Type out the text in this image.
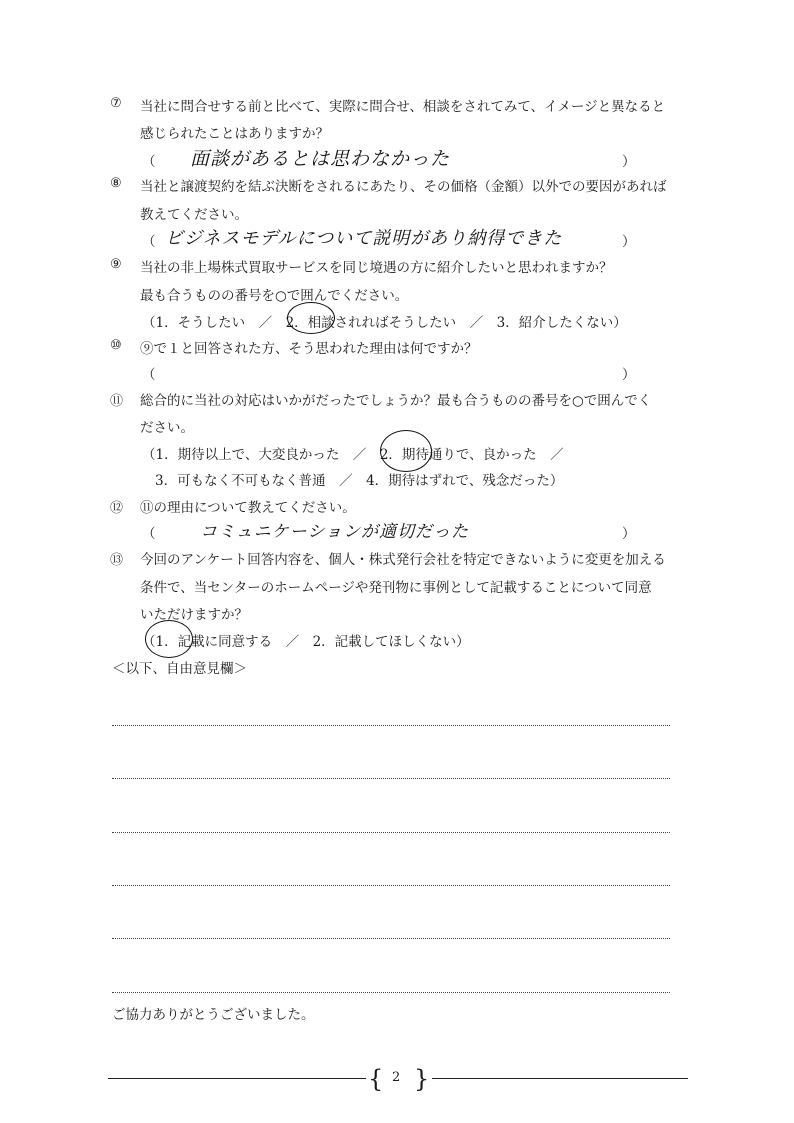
⑦ 当社に問合せする前と比べて、実際に問合せ、相談をされてみて、イメージと異なると
感じられたことはありますか？
（ 面談があるとは思わなかった	）
⑧ 当社と譲渡契約を結ぶ決断をされるにあたり、その価格（金額）以外での要因があれば
教えてください。
（ ビジネスモデルについて説明があり納得できた	）
⑨ 当社の非上場株式買取サービスを同じ境遇の方に紹介したいと思われますか？
最も合うものの番号を○で囲んでください。
（1．そうしたい　／　2．相談されればそうしたい　／　3．紹介したくない）
⑩ ⑨で１と回答された方、そう思われた理由は何ですか？
（	）
⑪ 総合的に当社の対応はいかがだったでしょうか？最も合うものの番号を○で囲んでく
ださい。
（1．期待以上で、大変良かった　／　2．期待通りで、良かった　／
3．可もなく不可もなく普通　／　4．期待はずれで、残念だった）
⑫ ⑪の理由について教えてください。
（	コミュニケーションが適切だった	）
⑬ 今回のアンケート回答内容を、個人・株式発行会社を特定できないように変更を加える
条件で、当センターのホームページや発刊物に事例として記載することについて同意
いただけますか？
（1．記載に同意する　／　2．記載してほしくない）
＜以下、自由意見欄＞
ご協力ありがとうございました。
{ 2 }
